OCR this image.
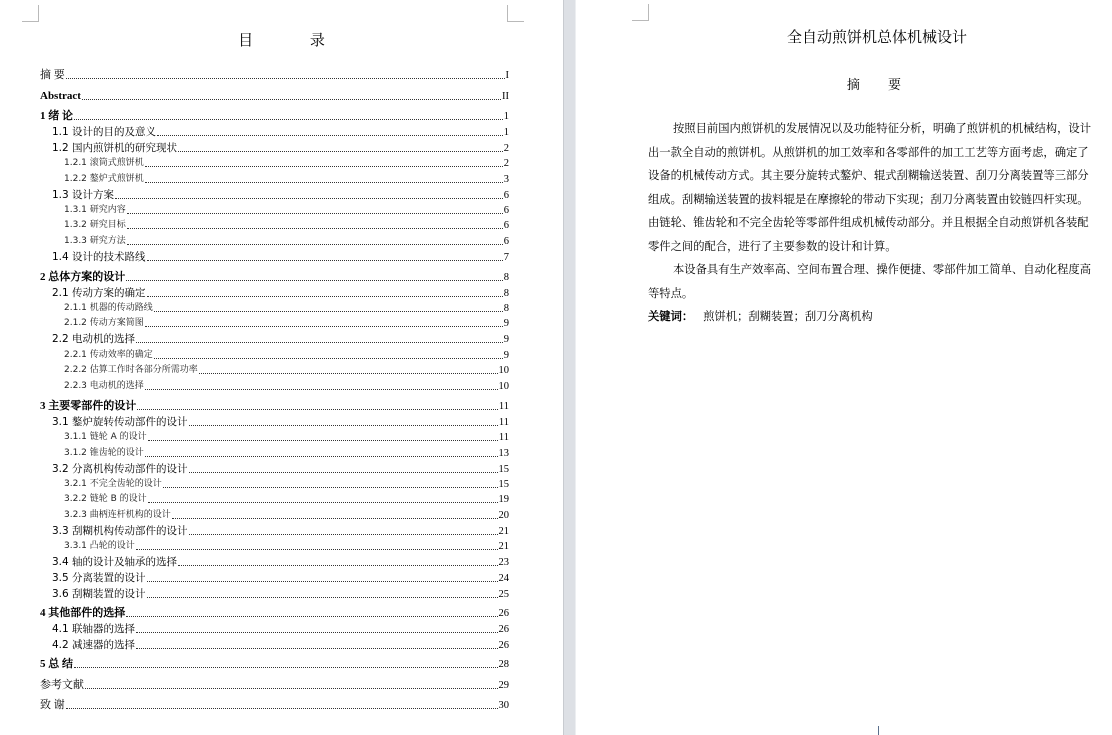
目 录
摘 要	I
Abstract	II
1 绪 论	1
1.1 设计的目的及意义	1
1.2 国内煎饼机的研究现状	2
1.2.1 滚筒式煎饼机	2
1.2.2 鏊炉式煎饼机	3
1.3 设计方案	6
1.3.1 研究内容	6
1.3.2 研究目标	6
1.3.3 研究方法	6
1.4 设计的技术路线	7
2 总体方案的设计	8
2.1 传动方案的确定	8
2.1.1 机器的传动路线	8
2.1.2 传动方案简图	9
2.2 电动机的选择	9
2.2.1 传动效率的确定	9
2.2.2 估算工作时各部分所需功率	10
2.2.3 电动机的选择	10
3 主要零部件的设计	11
3.1 鏊炉旋转传动部件的设计	11
3.1.1 链轮 A 的设计	11
3.1.2 锥齿轮的设计	13
3.2 分离机构传动部件的设计	15
3.2.1 不完全齿轮的设计	15
3.2.2 链轮 B 的设计	19
3.2.3 曲柄连杆机构的设计	20
3.3 刮糊机构传动部件的设计	21
3.3.1 凸轮的设计	21
3.4 轴的设计及轴承的选择	23
3.5 分离装置的设计	24
3.6 刮糊装置的设计	25
4 其他部件的选择	26
4.1 联轴器的选择	26
4.2 减速器的选择	26
5 总 结	28
参考文献	29
致 谢	30
全自动煎饼机总体机械设计
摘 要
按照目前国内煎饼机的发展情况以及功能特征分析，明确了煎饼机的机械结构，设计
出一款全自动的煎饼机。从煎饼机的加工效率和各零部件的加工工艺等方面考虑，确定了
设备的机械传动方式。其主要分旋转式鏊炉、辊式刮糊输送装置、刮刀分离装置等三部分
组成。刮糊输送装置的拔料辊是在摩擦轮的带动下实现；刮刀分离装置由铰链四杆实现。
由链轮、锥齿轮和不完全齿轮等零部件组成机械传动部分。并且根据全自动煎饼机各装配
零件之间的配合，进行了主要参数的设计和计算。
本设备具有生产效率高、空间布置合理、操作便捷、零部件加工简单、自动化程度高
等特点。
关键词： 煎饼机；刮糊装置；刮刀分离机构
